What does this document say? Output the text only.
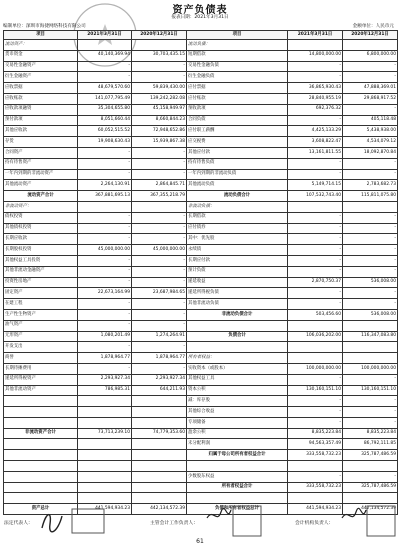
资产负债表
报表日期：2021年3月31日
编制单位：深圳市海捷网络科技有限公司	金额单位：人民币元
项目	2021年3月31日	2020年12月31日	项目	2021年3月31日	2020年12月31日
流动资产：			流动负债：		
货币资金	40,140,369.94	30,703,435.15	短期借款	14,800,000.00	6,800,000.00
交易性金融资产	-	-	交易性金融负债	-	-
衍生金融资产	-	-	衍生金融负债	-	-
应收票据	48,679,570.60	59,839,430.00	应付票据	36,865,930.43	47,888,369.01
应收账款	141,077,795.49	139,242,282.08	应付账款	28,840,955.19	29,868,917.52
应收款项融资	35,304,655.80	45,158,949.97	预收款项	692,376.32	-
预付款项	8,051,660.44	8,660,844.23	合同负债	-	405,118.48
其他应收款	60,052,515.52	72,948,652.86	应付职工薪酬	4,425,133.29	5,438,938.00
存货	19,908,630.43	15,939,867.38	应交税费	3,608,822.47	4,534,079.12
合同资产	-	-	其他应付款	13,161,811.55	18,092,870.84
持有待售资产	-	-	持有待售负债	-	-
一年内到期的非流动资产	-	-	一年内到期的非流动负债	-	-
其他流动资产	2,264,130.91	2,864,845.71	其他流动负债	5,149,714.15	2,783,682.73
流动资产合计	367,881,695.13	367,355,218.79	流动负债合计	107,532,743.40	115,811,075.80
非流动资产：			非流动负债：		
债权投资	-	-	长期借款	-	-
其他债权投资	-	-	应付债券	-	-
长期应收款	-	-	其中：优先股	-	-
长期股权投资	45,000,000.00	45,000,000.00	永续债	-	-
其他权益工具投资	-	-	长期应付款	-	-
其他非流动金融资产	-	-	预计负债	-	-
投资性房地产	-	-	递延收益	2,870,750.37	536,008.00
固定资产	22,673,164.99	23,687,984.65	递延所得税负债	-	-
在建工程	-	-	其他非流动负债	-	-
生产性生物资产	-	-	非流动负债合计	503,456.60	536,008.00
油气资产	-	-			
无形资产	1,080,201.49	1,274,264.91	负债合计	106,036,202.00	116,347,083.80
开发支出	-	-			
商誉	1,878,964.77	1,878,964.77	所有者权益：		
长期待摊费用	-	-	实收资本（或股本）	100,000,000.00	100,000,000.00
递延所得税资产	2,293,927.34	2,293,927.34	其他权益工具	-	-
其他非流动资产	786,985.31	644,211.93	资本公积	130,160,151.10	130,160,151.10
			减：库存股	-	-
			其他综合收益	-	-
			专项储备	-	-
非流动资产合计	73,713,239.10	74,779,353.60	盈余公积	8,835,223.84	8,835,223.84
			未分配利润	94,563,357.49	86,792,111.85
			归属于母公司所有者权益合计	333,558,732.23	325,787,486.59

			少数股东权益	-	-
			所有者权益合计	333,558,732.23	325,787,486.59

资产总计	441,594,934.23	442,134,572.39	负债和所有者权益总计	441,594,934.23	442,134,572.39
法定代表人：	主管会计工作负责人：	会计机构负责人：
61
